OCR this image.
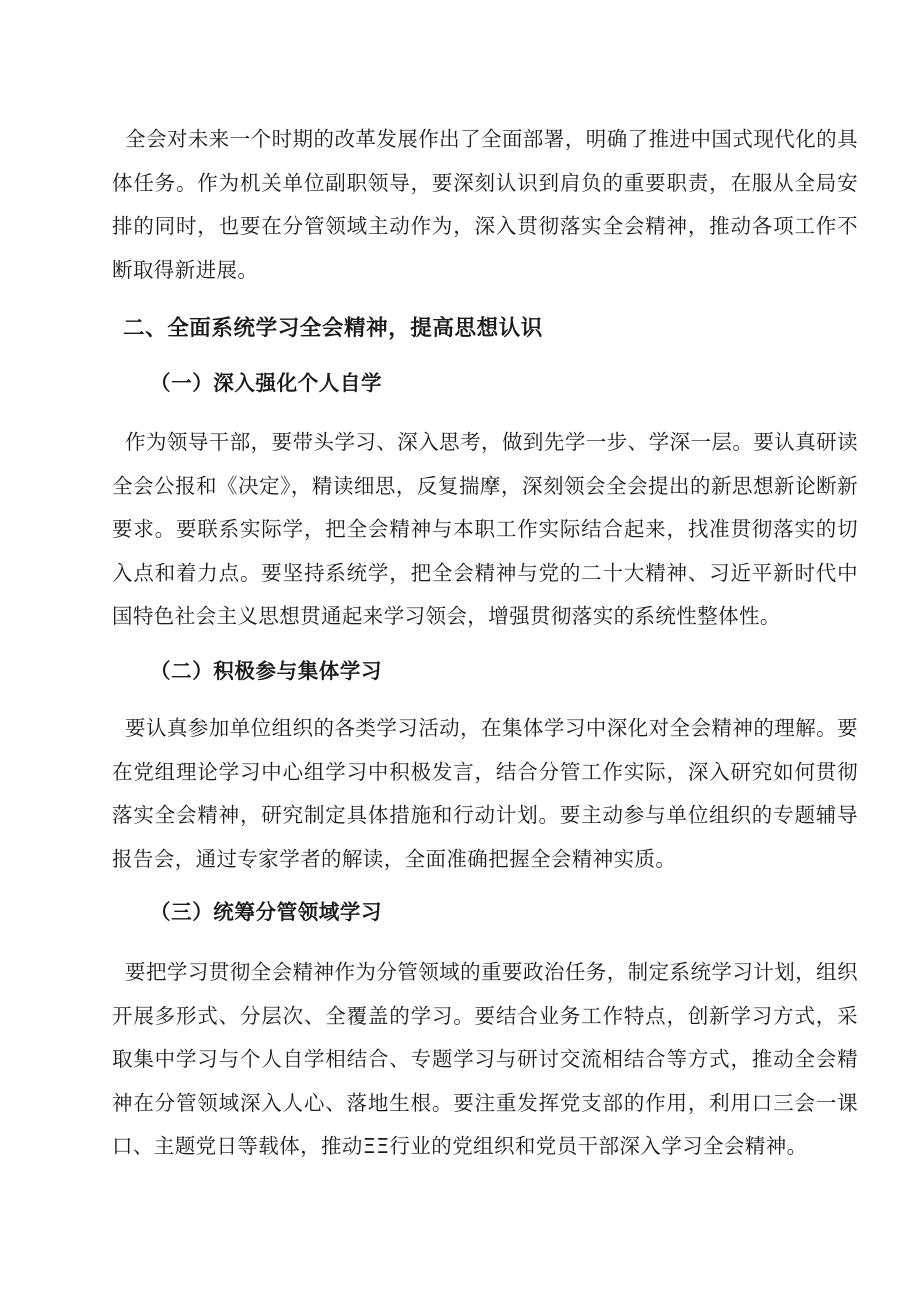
全会对未来一个时期的改革发展作出了全面部署，明确了推进中国式现代化的具体任务。作为机关单位副职领导，要深刻认识到肩负的重要职责，在服从全局安排的同时，也要在分管领域主动作为，深入贯彻落实全会精神，推动各项工作不断取得新进展。

二、全面系统学习全会精神，提高思想认识
（一）深入强化个人自学

作为领导干部，要带头学习、深入思考，做到先学一步、学深一层。要认真研读全会公报和《决定》，精读细思，反复揣摩，深刻领会全会提出的新思想新论断新要求。要联系实际学，把全会精神与本职工作实际结合起来，找准贯彻落实的切入点和着力点。要坚持系统学，把全会精神与党的二十大精神、习近平新时代中国特色社会主义思想贯通起来学习领会，增强贯彻落实的系统性整体性。

（二）积极参与集体学习

要认真参加单位组织的各类学习活动，在集体学习中深化对全会精神的理解。要在党组理论学习中心组学习中积极发言，结合分管工作实际，深入研究如何贯彻落实全会精神，研究制定具体措施和行动计划。要主动参与单位组织的专题辅导报告会，通过专家学者的解读，全面准确把握全会精神实质。

（三）统筹分管领域学习

要把学习贯彻全会精神作为分管领域的重要政治任务，制定系统学习计划，组织开展多形式、分层次、全覆盖的学习。要结合业务工作特点，创新学习方式，采取集中学习与个人自学相结合、专题学习与研讨交流相结合等方式，推动全会精神在分管领域深入人心、落地生根。要注重发挥党支部的作用，利用口三会一课口、主题党日等载体，推动ΞΞ行业的党组织和党员干部深入学习全会精神。
